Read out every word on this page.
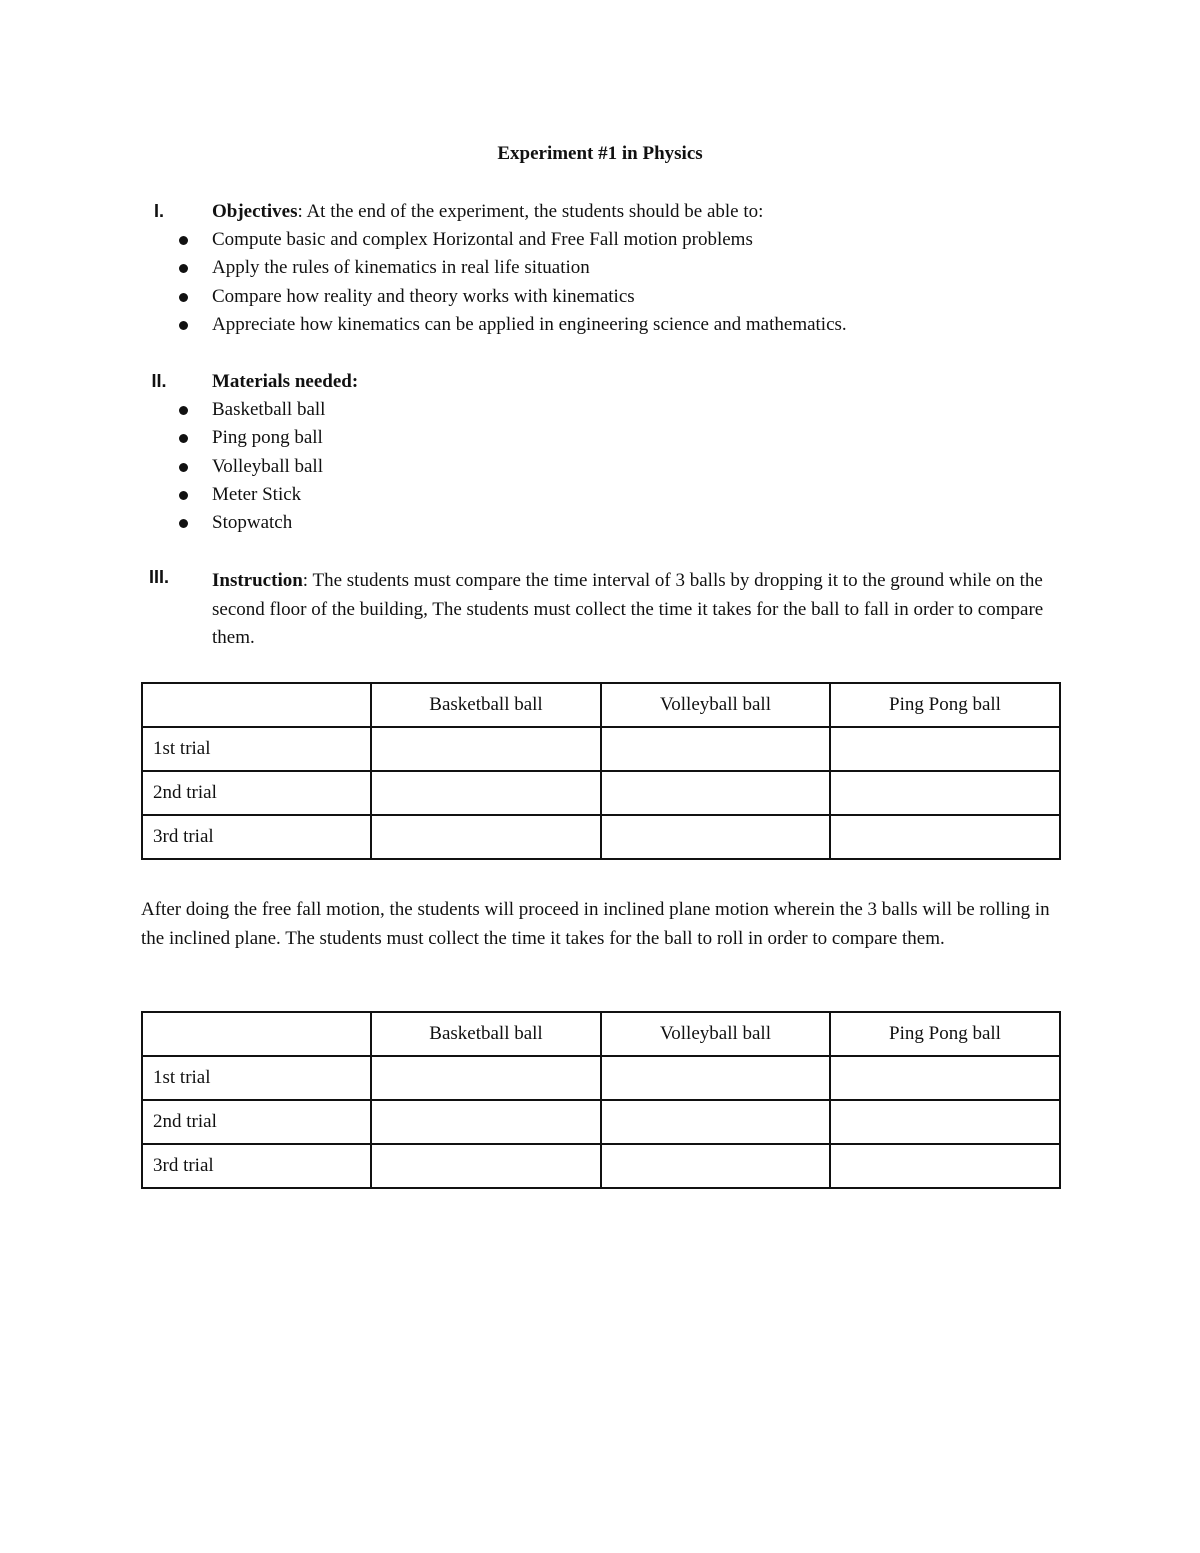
Experiment #1 in Physics
I.	Objectives: At the end of the experiment, the students should be able to:
Compute basic and complex Horizontal and Free Fall motion problems
Apply the rules of kinematics in real life situation
Compare how reality and theory works with kinematics
Appreciate how kinematics can be applied in engineering science and mathematics.
II.	Materials needed:
Basketball ball
Ping pong ball
Volleyball ball
Meter Stick
Stopwatch
III.	Instruction: The students must compare the time interval of 3 balls by dropping it to the ground while on the second floor of the building, The students must collect the time it takes for the ball to fall in order to compare them.
	Basketball ball	Volleyball ball	Ping Pong ball
1st trial			
2nd trial			
3rd trial			
After doing the free fall motion, the students will proceed in inclined plane motion wherein the 3 balls will be rolling in the inclined plane. The students must collect the time it takes for the ball to roll in order to compare them.
	Basketball ball	Volleyball ball	Ping Pong ball
1st trial			
2nd trial			
3rd trial			
